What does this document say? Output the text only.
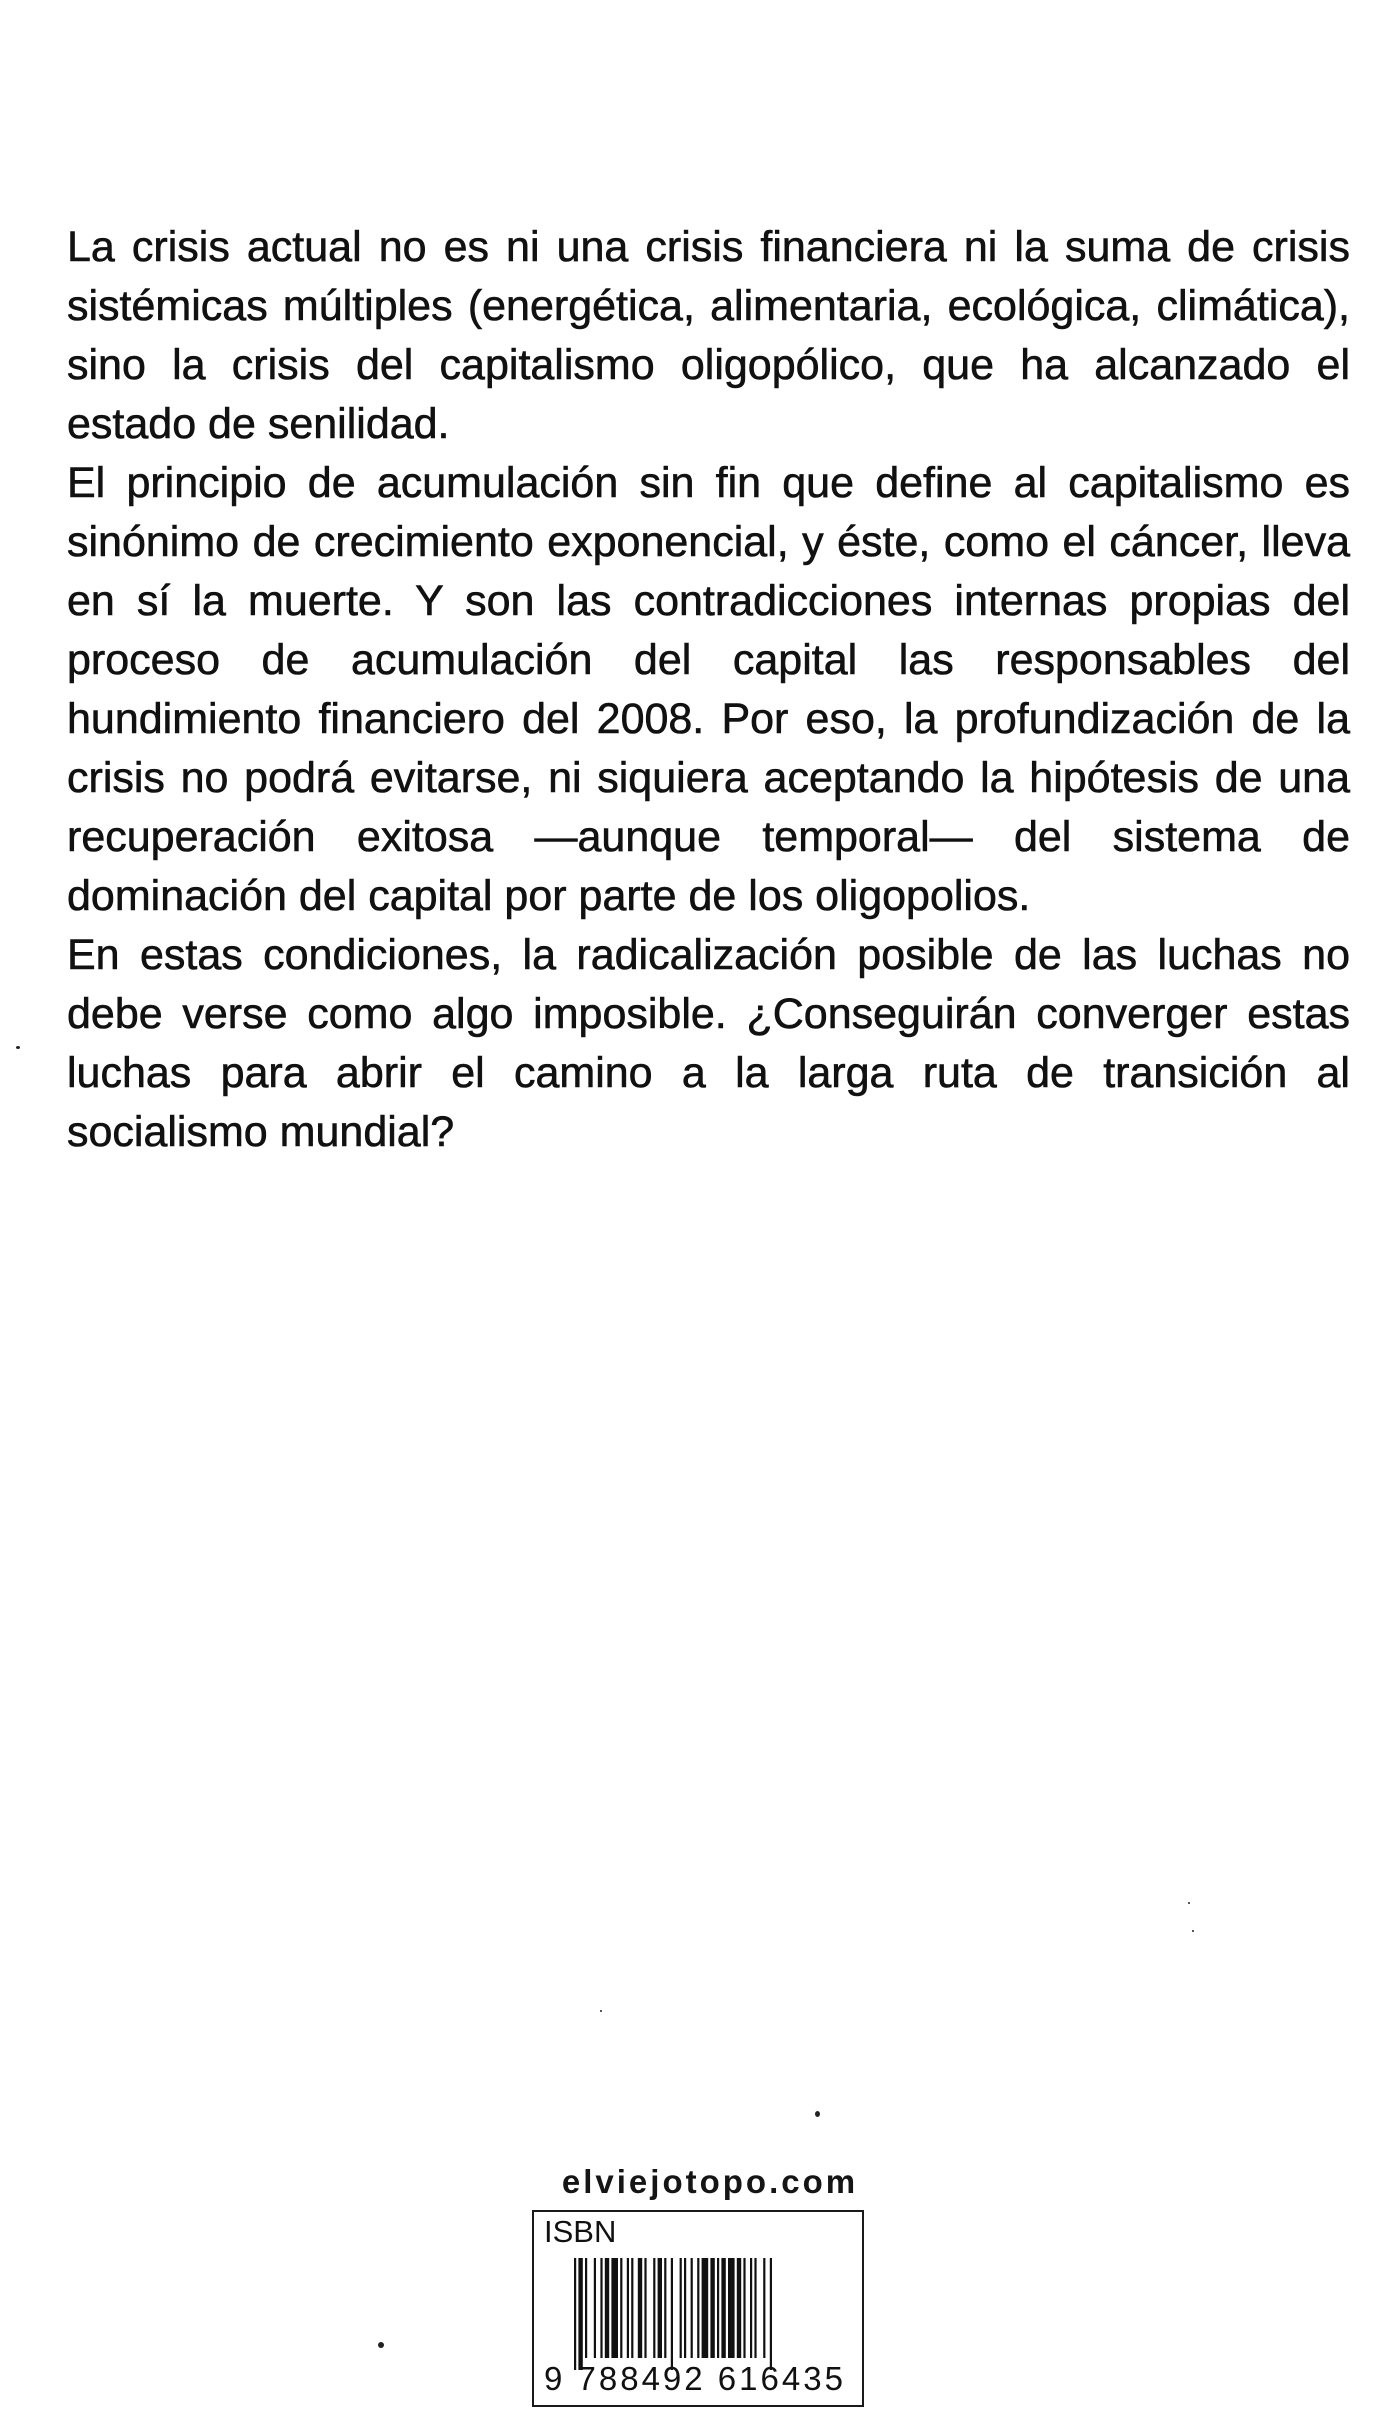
La crisis actual no es ni una crisis financiera ni la suma de crisis sistémicas múltiples (energética, alimentaria, ecológica, climática), sino la crisis del capitalismo oligopólico, que ha alcanzado el estado de senilidad.

El principio de acumulación sin fin que define al capitalismo es sinónimo de crecimiento exponencial, y éste, como el cáncer, lleva en sí la muerte. Y son las contradicciones internas propias del proceso de acumulación del capital las responsables del hundimiento financiero del 2008. Por eso, la profundización de la crisis no podrá evitarse, ni siquiera aceptando la hipótesis de una recuperación exitosa —aunque temporal— del sistema de dominación del capital por parte de los oligopolios.

En estas condiciones, la radicalización posible de las luchas no debe verse como algo imposible. ¿Conseguirán converger estas luchas para abrir el camino a la larga ruta de transición al socialismo mundial?

elviejotopo.com
ISBN
9 788492 616435
